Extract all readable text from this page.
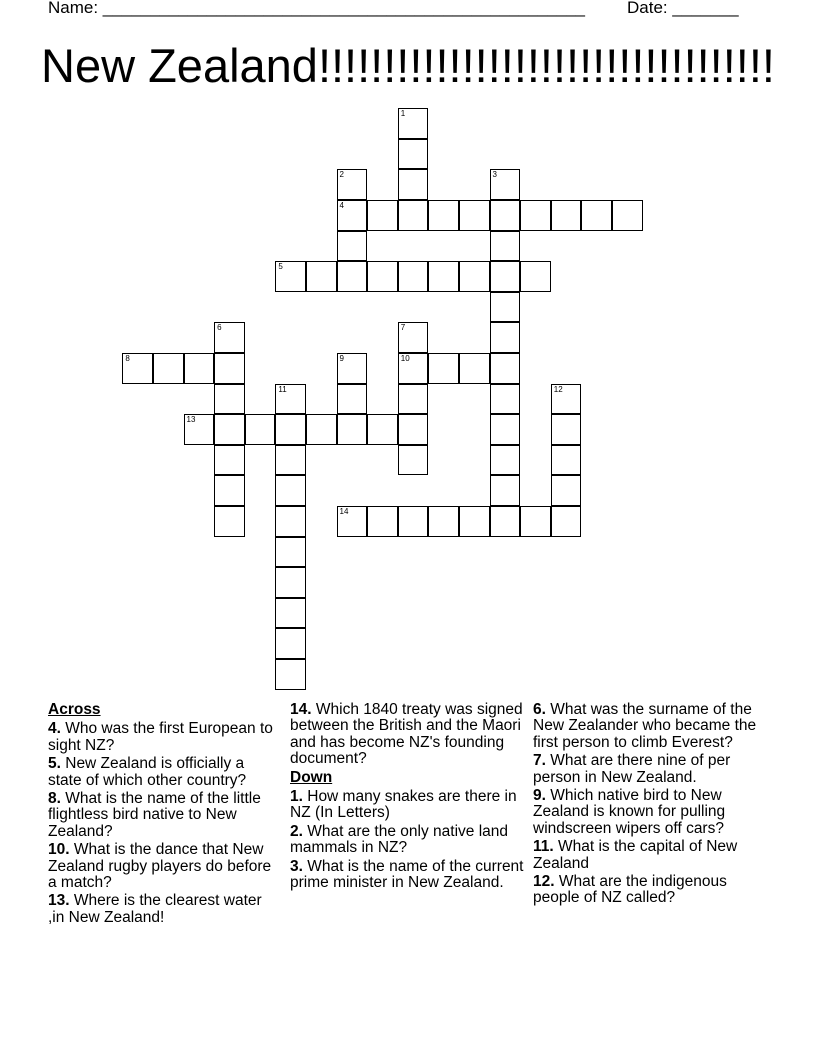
Name: ___________________________________________________ Date: _______
New Zealand!!!!!!!!!!!!!!!!!!!!!!!!!!!!!!!!!!!
1
2
4
3
5
6	7
10
8	9
11	12
13
14
Across
4. Who was the first European to sight NZ?
5. New Zealand is officially a state of which other country?
8. What is the name of the little flightless bird native to New Zealand?
10. What is the dance that New Zealand rugby players do before a match?
13. Where is the clearest water ,in New Zealand!
14. Which 1840 treaty was signed between the British and the Maori and has become NZ's founding document?
Down
1. How many snakes are there in NZ (In Letters)
2. What are the only native land mammals in NZ?
3. What is the name of the current prime minister in New Zealand.
6. What was the surname of the New Zealander who became the first person to climb Everest?
7. What are there nine of per person in New Zealand.
9. Which native bird to New Zealand is known for pulling windscreen wipers off cars?
11. What is the capital of New Zealand
12. What are the indigenous people of NZ called?
